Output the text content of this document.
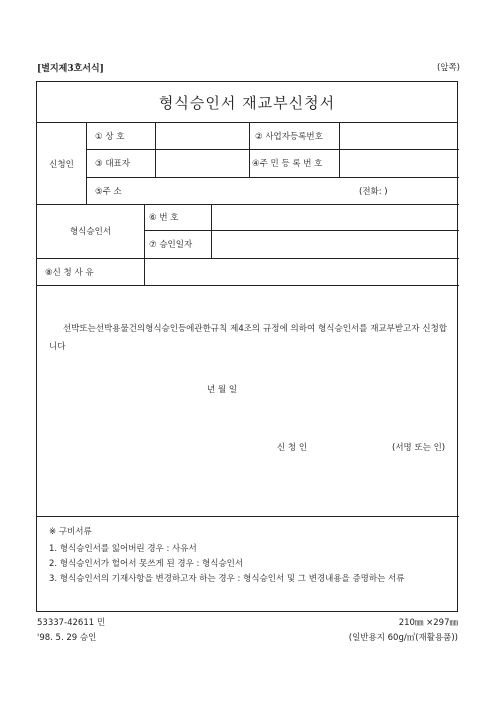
[별지제3호서식]	(앞쪽)
형식승인서 재교부신청서
신청인
① 상 호	② 사업자등록번호
③ 대표자	④주 민 등 록 번 호
⑤주 소	(전화: )
형식승인서
⑥ 번 호
⑦ 승인일자
⑧신 청 사 유
선박또는선박용물건의형식승인등에관한규칙 제4조의 규정에 의하여 형식승인서를 재교부받고자 신청합니다
년 월 일
신 청 인	(서명 또는 인)
※ 구비서류
1. 형식승인서를 잃어버린 경우 : 사유서
2. 형식승인서가 헐어서 못쓰게 된 경우 : 형식승인서
3. 형식승인서의 기재사항을 변경하고자 하는 경우 : 형식승인서 및 그 변경내용을 증명하는 서류
53337-42611 민
'98. 5. 29 승인
210㎜ ×297㎜
(일반용지 60g/㎡(재활용품))
